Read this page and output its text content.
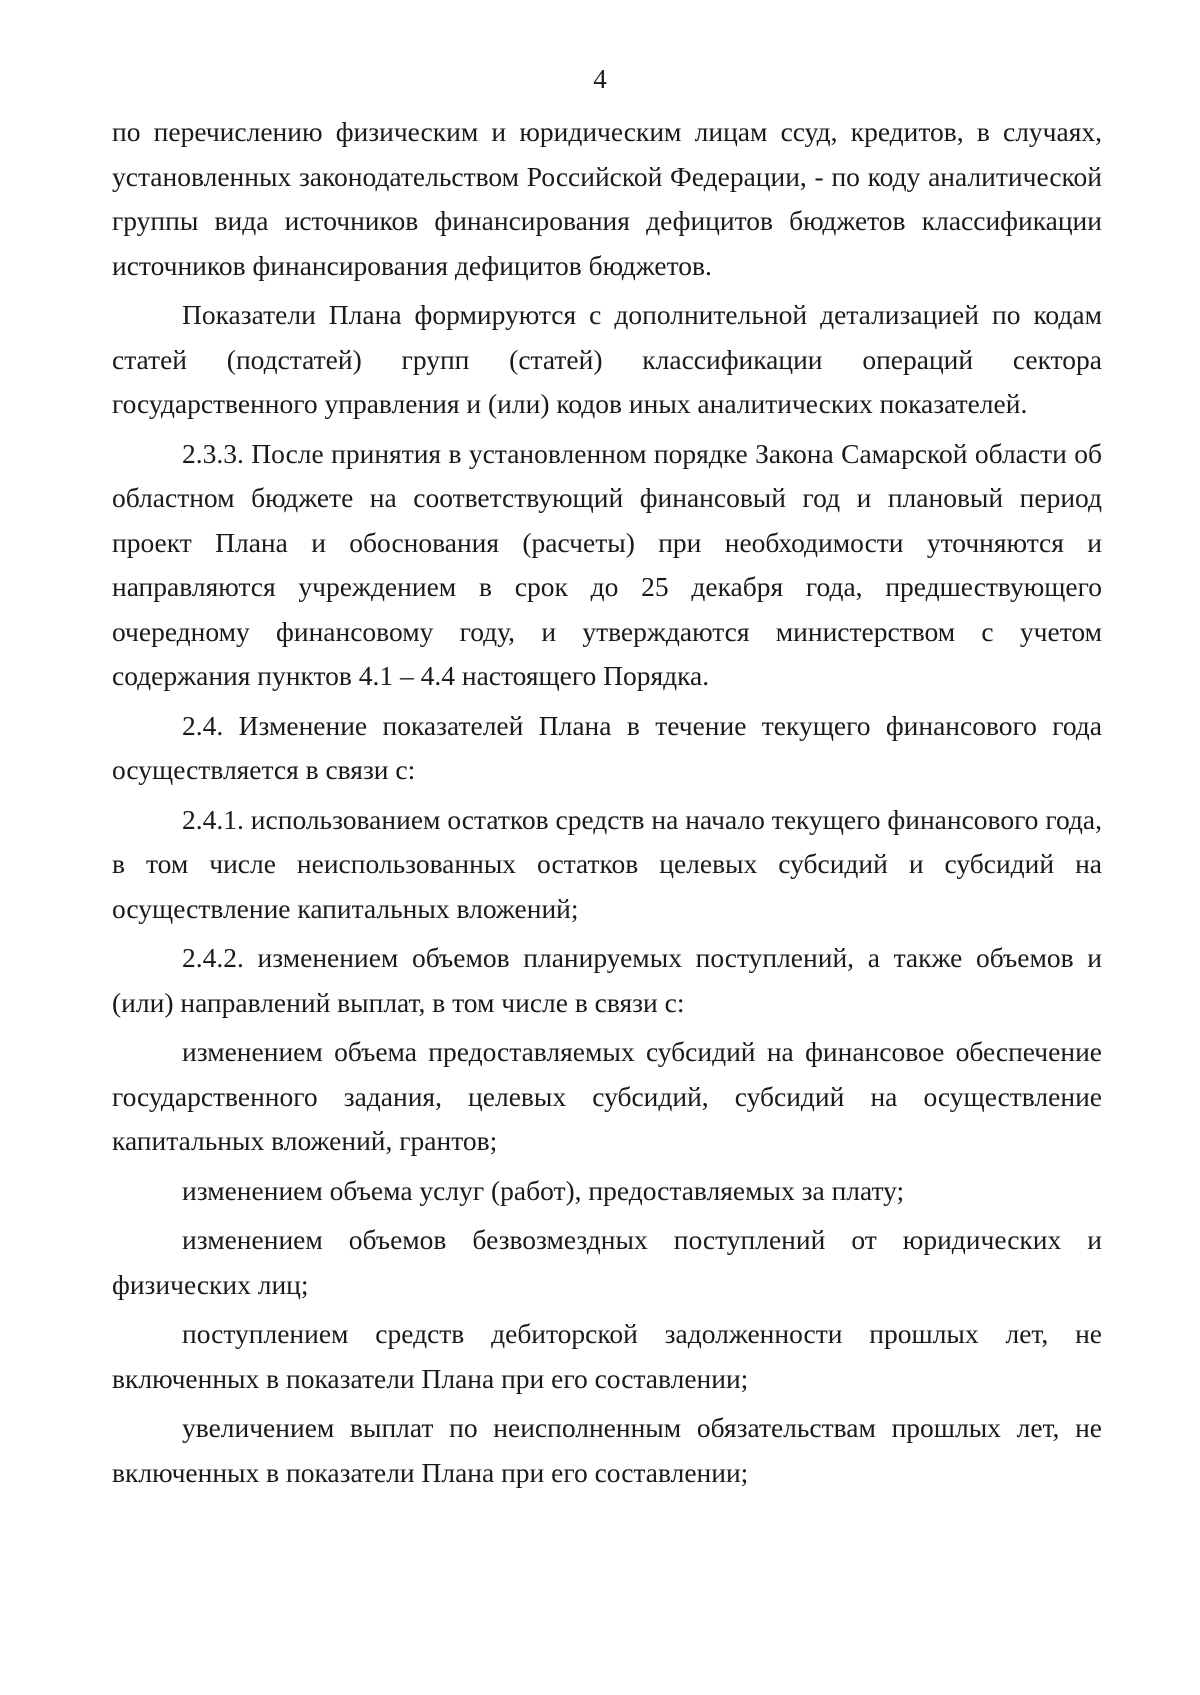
4

по перечислению физическим и юридическим лицам ссуд, кредитов, в случаях, установленных законодательством Российской Федерации, - по коду аналитической группы вида источников финансирования дефицитов бюджетов классификации источников финансирования дефицитов бюджетов.

Показатели Плана формируются с дополнительной детализацией по кодам статей (подстатей) групп (статей) классификации операций сектора государственного управления и (или) кодов иных аналитических показателей.

2.3.3. После принятия в установленном порядке Закона Самарской области об областном бюджете на соответствующий финансовый год и плановый период проект Плана и обоснования (расчеты) при необходимости уточняются и направляются учреждением в срок до 25 декабря года, предшествующего очередному финансовому году, и утверждаются министерством с учетом содержания пунктов 4.1 – 4.4 настоящего Порядка.

2.4. Изменение показателей Плана в течение текущего финансового года осуществляется в связи с:

2.4.1. использованием остатков средств на начало текущего финансового года, в том числе неиспользованных остатков целевых субсидий и субсидий на осуществление капитальных вложений;

2.4.2. изменением объемов планируемых поступлений, а также объемов и (или) направлений выплат, в том числе в связи с:

изменением объема предоставляемых субсидий на финансовое обеспечение государственного задания, целевых субсидий, субсидий на осуществление капитальных вложений, грантов;

изменением объема услуг (работ), предоставляемых за плату;

изменением объемов безвозмездных поступлений от юридических и физических лиц;

поступлением средств дебиторской задолженности прошлых лет, не включенных в показатели Плана при его составлении;

увеличением выплат по неисполненным обязательствам прошлых лет, не включенных в показатели Плана при его составлении;
